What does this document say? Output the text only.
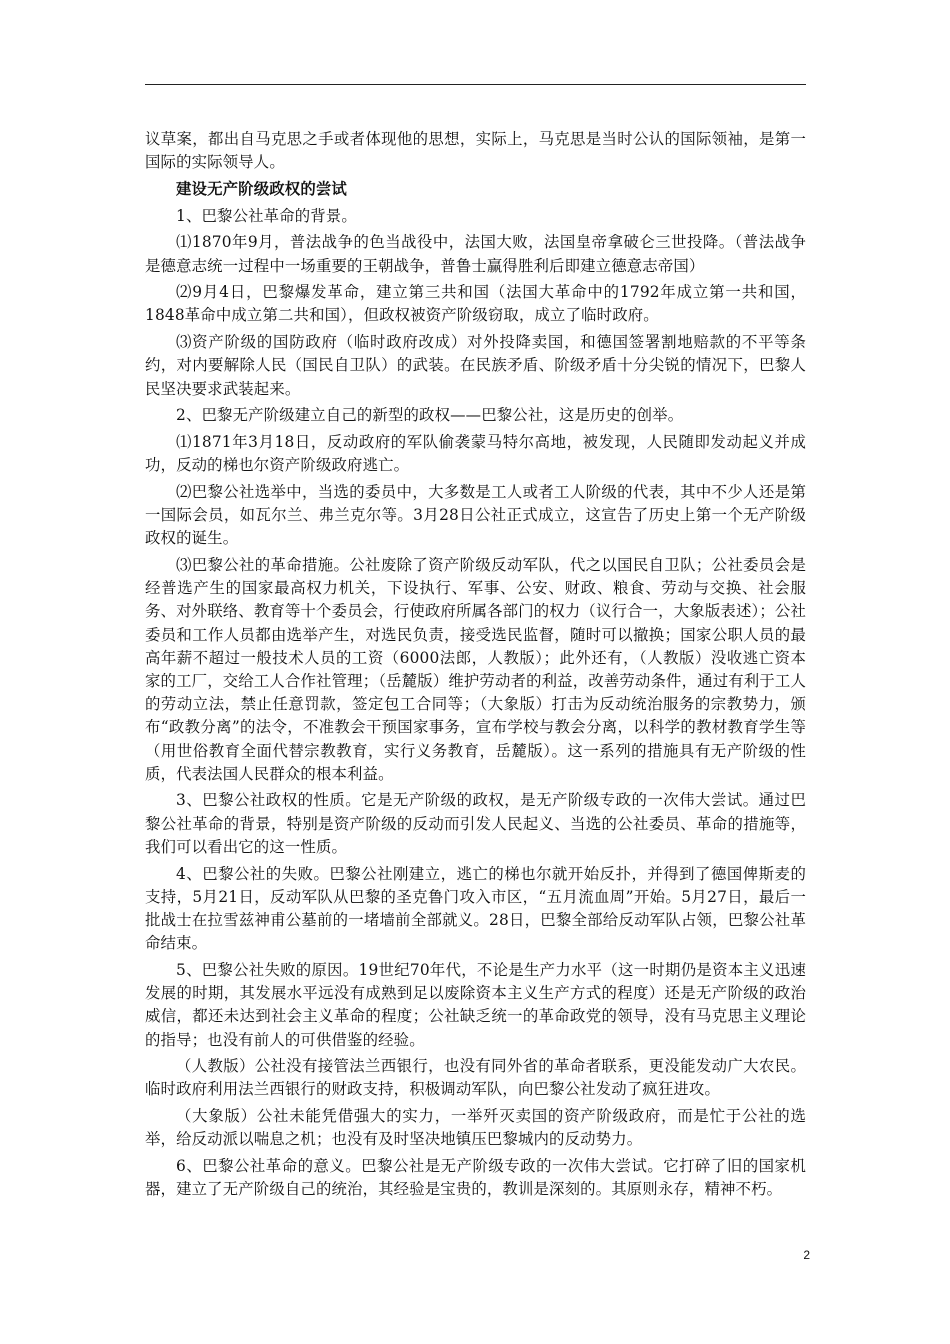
议草案，都出自马克思之手或者体现他的思想，实际上，马克思是当时公认的国际领袖，是第一国际的实际领导人。

建设无产阶级政权的尝试

1、巴黎公社革命的背景。

⑴1870年9月，普法战争的色当战役中，法国大败，法国皇帝拿破仑三世投降。（普法战争是德意志统一过程中一场重要的王朝战争，普鲁士赢得胜利后即建立德意志帝国）

⑵9月4日，巴黎爆发革命，建立第三共和国（法国大革命中的1792年成立第一共和国，1848革命中成立第二共和国），但政权被资产阶级窃取，成立了临时政府。

⑶资产阶级的国防政府（临时政府改成）对外投降卖国，和德国签署割地赔款的不平等条约，对内要解除人民（国民自卫队）的武装。在民族矛盾、阶级矛盾十分尖锐的情况下，巴黎人民坚决要求武装起来。

2、巴黎无产阶级建立自己的新型的政权——巴黎公社，这是历史的创举。

⑴1871年3月18日，反动政府的军队偷袭蒙马特尔高地，被发现，人民随即发动起义并成功，反动的梯也尔资产阶级政府逃亡。

⑵巴黎公社选举中，当选的委员中，大多数是工人或者工人阶级的代表，其中不少人还是第一国际会员，如瓦尔兰、弗兰克尔等。3月28日公社正式成立，这宣告了历史上第一个无产阶级政权的诞生。

⑶巴黎公社的革命措施。公社废除了资产阶级反动军队，代之以国民自卫队；公社委员会是经普选产生的国家最高权力机关，下设执行、军事、公安、财政、粮食、劳动与交换、社会服务、对外联络、教育等十个委员会，行使政府所属各部门的权力（议行合一，大象版表述）；公社委员和工作人员都由选举产生，对选民负责，接受选民监督，随时可以撤换；国家公职人员的最高年薪不超过一般技术人员的工资（6000法郎，人教版）；此外还有，（人教版）没收逃亡资本家的工厂，交给工人合作社管理；（岳麓版）维护劳动者的利益，改善劳动条件，通过有利于工人的劳动立法，禁止任意罚款，签定包工合同等；（大象版）打击为反动统治服务的宗教势力，颁布“政教分离”的法令，不准教会干预国家事务，宣布学校与教会分离，以科学的教材教育学生等（用世俗教育全面代替宗教教育，实行义务教育，岳麓版）。这一系列的措施具有无产阶级的性质，代表法国人民群众的根本利益。

3、巴黎公社政权的性质。它是无产阶级的政权，是无产阶级专政的一次伟大尝试。通过巴黎公社革命的背景，特别是资产阶级的反动而引发人民起义、当选的公社委员、革命的措施等，我们可以看出它的这一性质。

4、巴黎公社的失败。巴黎公社刚建立，逃亡的梯也尔就开始反扑，并得到了德国俾斯麦的支持，5月21日，反动军队从巴黎的圣克鲁门攻入市区，“五月流血周”开始。5月27日，最后一批战士在拉雪兹神甫公墓前的一堵墙前全部就义。28日，巴黎全部给反动军队占领，巴黎公社革命结束。

5、巴黎公社失败的原因。19世纪70年代，不论是生产力水平（这一时期仍是资本主义迅速发展的时期，其发展水平远没有成熟到足以废除资本主义生产方式的程度）还是无产阶级的政治威信，都还未达到社会主义革命的程度；公社缺乏统一的革命政党的领导，没有马克思主义理论的指导；也没有前人的可供借鉴的经验。

（人教版）公社没有接管法兰西银行，也没有同外省的革命者联系，更没能发动广大农民。临时政府利用法兰西银行的财政支持，积极调动军队，向巴黎公社发动了疯狂进攻。

（大象版）公社未能凭借强大的实力，一举歼灭卖国的资产阶级政府，而是忙于公社的选举，给反动派以喘息之机；也没有及时坚决地镇压巴黎城内的反动势力。

6、巴黎公社革命的意义。巴黎公社是无产阶级专政的一次伟大尝试。它打碎了旧的国家机器，建立了无产阶级自己的统治，其经验是宝贵的，教训是深刻的。其原则永存，精神不朽。

2
